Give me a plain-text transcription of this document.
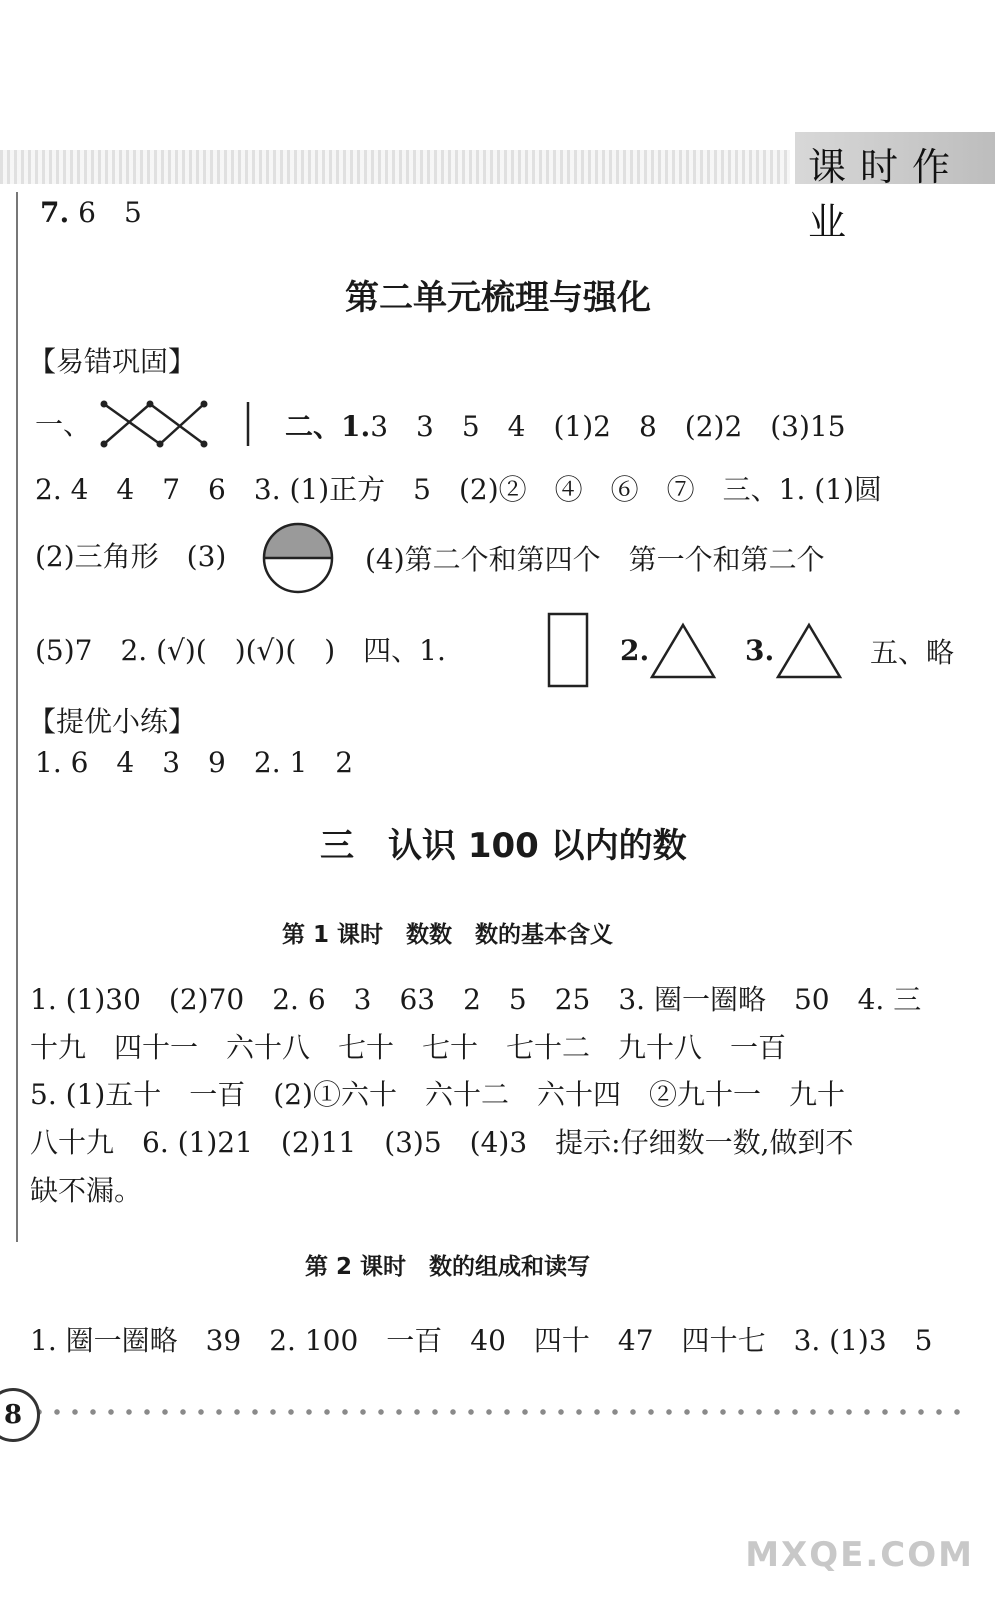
课时作业
7. 6　5
第二单元梳理与强化
【易错巩固】
一、	二、1.3　3　5　4　(1)2　8　(2)2　(3)15
2. 4　4　7　6　3. (1)正方　5　(2)②　④　⑥　⑦　三、1. (1)圆
(2)三角形　(3)	(4)第二个和第四个　第一个和第二个
(5)7　2. (√)(　)(√)(　)　四、1.	2.	3.	五、略
【提优小练】
1. 6　4　3　9　2. 1　2
三　认识 100 以内的数
第 1 课时　数数　数的基本含义
1. (1)30　(2)70　2. 6　3　63　2　5　25　3. 圈一圈略　50　4. 三
十九　四十一　六十八　七十　七十　七十二　九十八　一百
5. (1)五十　一百　(2)①六十　六十二　六十四　②九十一　九十
八十九　6. (1)21　(2)11　(3)5　(4)3　提示:仔细数一数,做到不
缺不漏。
第 2 课时　数的组成和读写
1. 圈一圈略　39　2. 100　一百　40　四十　47　四十七　3. (1)3　5
8
MXQE.COM
